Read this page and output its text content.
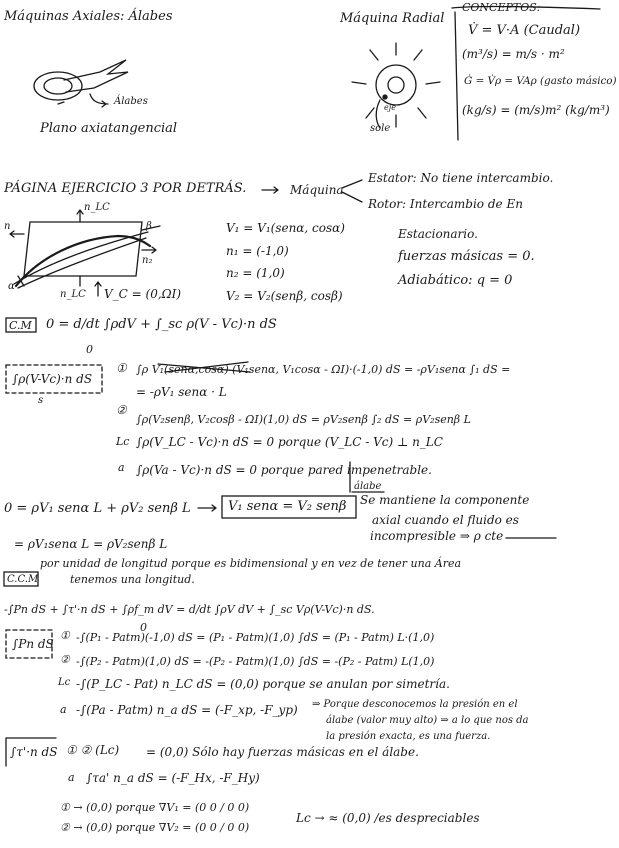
Máquinas Axiales: Álabes	Máquina Radial
CONCEPTOS:
Álabes
Plano axiatangencial
eje
sole
V̇ = V·A (Caudal)
(m³/s) = m/s · m²
Ġ = V̇ρ = VAρ (gasto másico)
(kg/s) = (m/s)m² (kg/m³)
PÁGINA EJERCICIO 3 POR DETRÁS.	Máquina
Estator: No tiene intercambio.
Rotor: Intercambio de En
n_LC
n	β
n₂
α
n_LC V_C = (0,ΩI)
V₁ = V₁(senα, cosα)
n₁ = (-1,0)
n₂ = (1,0)
V₂ = V₂(senβ, cosβ)
Estacionario.
fuerzas másicas = 0.
Adiabático: q = 0
C.M 0 = d/dt ∫ρdV + ∫_sc ρ(V - Vc)·n dS
0
∫ρ(V-Vc)·n dS
s
① ∫ρ V₁(senα,cosα) (V₁senα, V₁cosα - ΩI)·(-1,0) dS = -ρV₁senα ∫₁ dS =
= -ρV₁ senα · L
②
∫ρ(V₂senβ, V₂cosβ - ΩI)(1,0) dS = ρV₂senβ ∫₂ dS = ρV₂senβ L
Lc ∫ρ(V_LC - Vc)·n dS = 0 porque (V_LC - Vc) ⊥ n_LC
a ∫ρ(Va - Vc)·n dS = 0 porque pared impenetrable.
álabe
0 = ρV₁ senα L + ρV₂ senβ L	V₁ senα = V₂ senβ Se mantiene la componente
axial cuando el fluido es
incompresible ⇒ ρ cte
= ρV₁senα L = ρV₂senβ L
por unidad de longitud porque es bidimensional y en vez de tener una Área
tenemos una longitud.
C.C.M
-∫Pn dS + ∫τ'·n dS + ∫ρf_m dV = d/dt ∫ρV dV + ∫_sc Vρ(V-Vc)·n dS.
0
∫Pn dS
① -∫(P₁ - Patm)(-1,0) dS = (P₁ - Patm)(1,0) ∫dS = (P₁ - Patm) L·(1,0)
② -∫(P₂ - Patm)(1,0) dS = -(P₂ - Patm)(1,0) ∫dS = -(P₂ - Patm) L(1,0)
Lc -∫(P_LC - Pat) n_LC dS = (0,0) porque se anulan por simetría.
a -∫(Pa - Patm) n_a dS = (-F_xp, -F_yp) ⇒ Porque desconocemos la presión en el
álabe (valor muy alto) ⇒ a lo que nos da
la presión exacta, es una fuerza.
∫τ'·n dS ① ② (Lc) = (0,0) Sólo hay fuerzas másicas en el álabe.
a ∫τa' n_a dS = (-F_Hx, -F_Hy)
① → (0,0) porque ∇V₁ = (0 0 / 0 0)
② → (0,0) porque ∇V₂ = (0 0 / 0 0)
Lc → ≈ (0,0) /es despreciables
